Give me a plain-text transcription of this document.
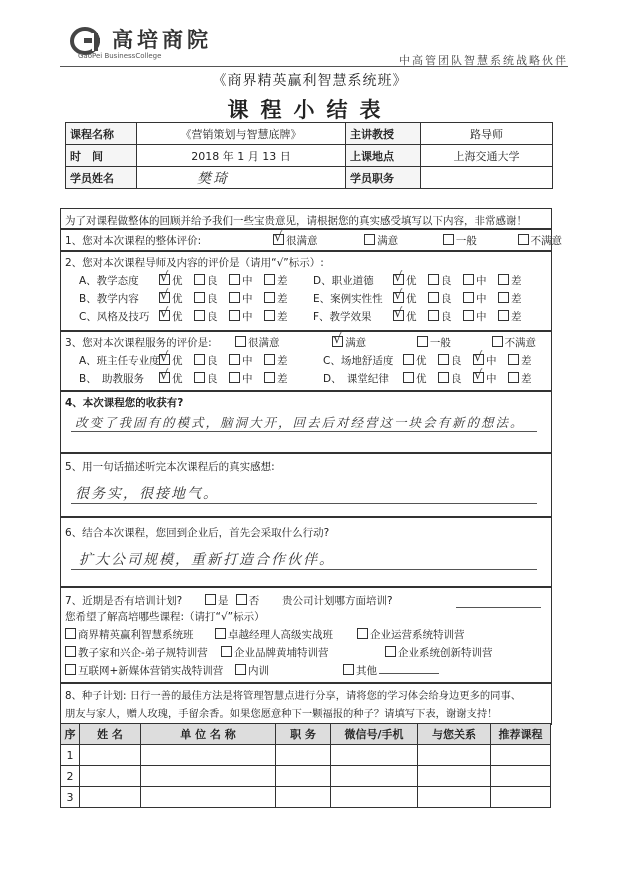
高培商院
GaoPei BusinessCollege	中高管团队智慧系统战略伙伴
《商界精英赢利智慧系统班》
课程小结表
课程名称	《营销策划与智慧底牌》	主讲教授	路导师
时　间	2018 年 1 月 13 日	上课地点	上海交通大学
学员姓名	樊琦	学员职务	
为了对课程做整体的回顾并给予我们一些宝贵意见，请根据您的真实感受填写以下内容，非常感谢！
1、您对本次课程的整体评价:	√ 很满意	满意	一般	不满意
2、您对本次课程导师及内容的评价是（请用“√”标示）:
A、教学态度 √ 优 良 中 差
B、教学内容 √ 优 良 中 差
C、风格及技巧 √ 优 良 中 差
D、职业道德 √ 优 良 中 差
E、案例实性性 √ 优 良 中 差
F、教学效果 √ 优 良 中 差
3、您对本次课程服务的评价是:	很满意	√ 满意	一般	不满意
A、班主任专业度 √ 优 良 中 差
B、　助教服务 √ 优 良 中 差
C、场地舒适度 优 良 √ 中 差
D、　课堂纪律	优 良 √ 中 差
4、本次课程您的收获有?
改变了我固有的模式，脑洞大开，回去后对经营这一块会有新的想法。
5、用一句话描述听完本次课程后的真实感想:
很务实，很接地气。
6、结合本次课程，您回到企业后，首先会采取什么行动?
扩大公司规模，重新打造合作伙伴。
7、近期是否有培训计划?	是 否 贵公司计划哪方面培训?
您希望了解高培哪些课程:（请打“√”标示）
商界精英赢利智慧系统班	卓越经理人高级实战班	企业运营系统特训营
教子家和兴企-弟子规特训营	企业品牌黄埔特训营	企业系统创新特训营
互联网+新媒体营销实战特训营	内训	其他
8、种子计划: 日行一善的最佳方法是将管理智慧点进行分享，请将您的学习体会给身边更多的同事、
朋友与家人，赠人玫瑰，手留余香。如果您愿意种下一颗福报的种子？请填写下表，谢谢支持！
序	姓 名	单 位 名 称	职 务	微信号/手机	与您关系	推荐课程
1						
2						
3						
